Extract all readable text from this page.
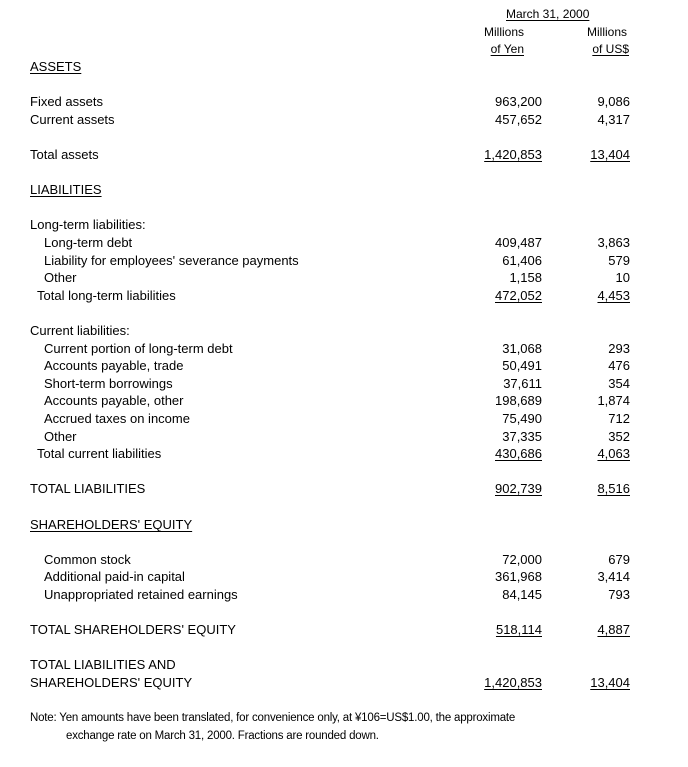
March 31, 2000
Millions
of Yen
Millions
of US$
ASSETS
Fixed assets	963,200	9,086
Current assets	457,652	4,317
Total assets	1,420,853	13,404
LIABILITIES
Long-term liabilities:
Long-term debt	409,487	3,863
Liability for employees' severance payments	61,406	579
Other	1,158	10
Total long-term liabilities	472,052	4,453
Current liabilities:
Current portion of long-term debt	31,068	293
Accounts payable, trade	50,491	476
Short-term borrowings	37,611	354
Accounts payable, other	198,689	1,874
Accrued taxes on income	75,490	712
Other	37,335	352
Total current liabilities	430,686	4,063
TOTAL LIABILITIES	902,739	8,516
SHAREHOLDERS' EQUITY
Common stock	72,000	679
Additional paid-in capital	361,968	3,414
Unappropriated retained earnings	84,145	793
TOTAL SHAREHOLDERS' EQUITY	518,114	4,887
TOTAL LIABILITIES AND
SHAREHOLDERS' EQUITY	1,420,853	13,404
Note: Yen amounts have been translated, for convenience only, at ¥106=US$1.00, the approximate
exchange rate on March 31, 2000. Fractions are rounded down.
